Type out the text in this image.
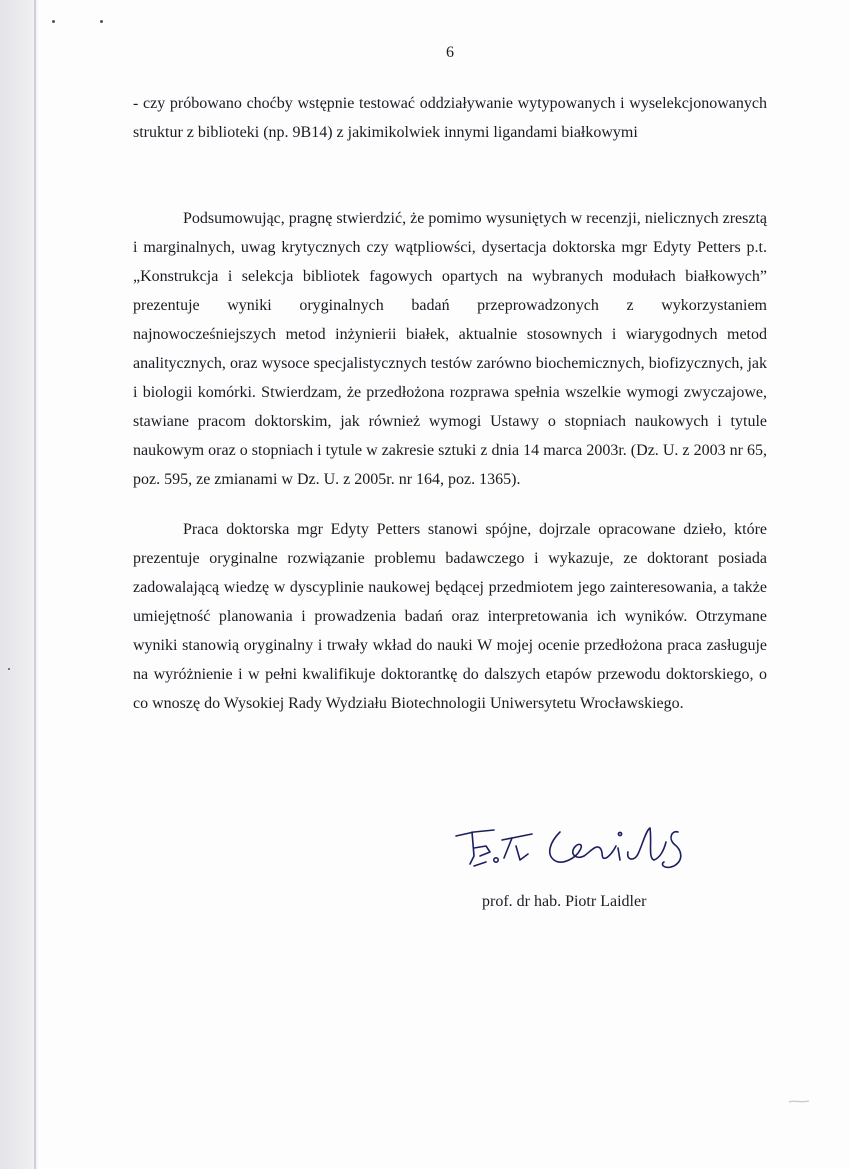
6

- czy próbowano choćby wstępnie testować oddziaływanie wytypowanych i wyselekcjonowanych struktur z biblioteki (np. 9B14) z jakimikolwiek innymi ligandami białkowymi

Podsumowując, pragnę stwierdzić, że pomimo wysuniętych w recenzji, nielicznych zresztą i marginalnych, uwag krytycznych czy wątpliowści, dysertacja doktorska mgr Edyty Petters p.t. „Konstrukcja i selekcja bibliotek fagowych opartych na wybranych modułach białkowych” prezentuje wyniki oryginalnych badań przeprowadzonych z wykorzystaniem najnowocześniejszych metod inżynierii białek, aktualnie stosownych i wiarygodnych metod analitycznych, oraz wysoce specjalistycznych testów zarówno biochemicznych, biofizycznych, jak i biologii komórki. Stwierdzam, że przedłożona rozprawa spełnia wszelkie wymogi zwyczajowe, stawiane pracom doktorskim, jak również wymogi Ustawy o stopniach naukowych i tytule naukowym oraz o stopniach i tytule w zakresie sztuki z dnia 14 marca 2003r. (Dz. U. z 2003 nr 65, poz. 595, ze zmianami w Dz. U. z 2005r. nr 164, poz. 1365).

Praca doktorska mgr Edyty Petters stanowi spójne, dojrzale opracowane dzieło, które prezentuje oryginalne rozwiązanie problemu badawczego i wykazuje, ze doktorant posiada zadowalającą wiedzę w dyscyplinie naukowej będącej przedmiotem jego zainteresowania, a także umiejętność planowania i prowadzenia badań oraz interpretowania ich wyników. Otrzymane wyniki stanowią oryginalny i trwały wkład do nauki W mojej ocenie przedłożona praca zasługuje na wyróżnienie i w pełni kwalifikuje doktorantkę do dalszych etapów przewodu doktorskiego, o co wnoszę do Wysokiej Rady Wydziału Biotechnologii Uniwersytetu Wrocławskiego.

prof. dr hab. Piotr Laidler
